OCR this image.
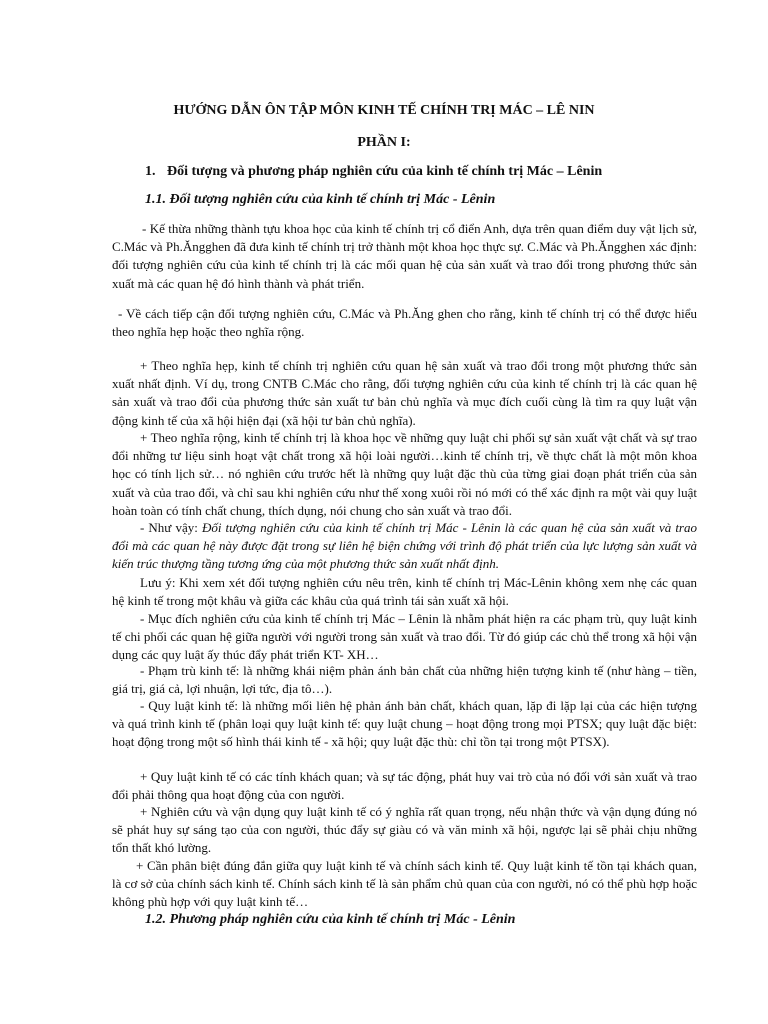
HƯỚNG DẪN ÔN TẬP MÔN KINH TẾ CHÍNH TRỊ MÁC – LÊ NIN
PHẦN I:
1. Đối tượng và phương pháp nghiên cứu của kinh tế chính trị Mác – Lênin
1.1. Đối tượng nghiên cứu của kinh tế chính trị Mác - Lênin
- Kế thừa những thành tựu khoa học của kinh tế chính trị cổ điển Anh, dựa trên quan điểm duy vật lịch sử, C.Mác và Ph.Ăngghen đã đưa kinh tế chính trị trở thành một khoa học thực sự. C.Mác và Ph.Ăngghen xác định: đối tượng nghiên cứu của kinh tế chính trị là các mối quan hệ của sản xuất và trao đổi trong phương thức sản xuất mà các quan hệ đó hình thành và phát triển.
- Về cách tiếp cận đối tượng nghiên cứu, C.Mác và Ph.Ăng ghen cho rằng, kinh tế chính trị có thể được hiểu theo nghĩa hẹp hoặc theo nghĩa rộng.
+ Theo nghĩa hẹp, kinh tế chính trị nghiên cứu quan hệ sản xuất và trao đổi trong một phương thức sản xuất nhất định. Ví dụ, trong CNTB C.Mác cho rằng, đối tượng nghiên cứu của kinh tế chính trị là các quan hệ sản xuất và trao đổi của phương thức sản xuất tư bản chủ nghĩa và mục đích cuối cùng là tìm ra quy luật vận động kinh tế của xã hội hiện đại (xã hội tư bản chủ nghĩa).
+ Theo nghĩa rộng, kinh tế chính trị là khoa học về những quy luật chi phối sự sản xuất vật chất và sự trao đổi những tư liệu sinh hoạt vật chất trong xã hội loài người…kinh tế chính trị, về thực chất là một môn khoa học có tính lịch sử… nó nghiên cứu trước hết là những quy luật đặc thù của từng giai đoạn phát triển của sản xuất và của trao đổi, và chỉ sau khi nghiên cứu như thế xong xuôi rồi nó mới có thể xác định ra một vài quy luật hoàn toàn có tính chất chung, thích dụng, nói chung cho sản xuất và trao đổi.
- Như vậy: Đối tượng nghiên cứu của kinh tế chính trị Mác - Lênin là các quan hệ của sản xuất và trao đổi mà các quan hệ này được đặt trong sự liên hệ biện chứng với trình độ phát triển của lực lượng sản xuất và kiến trúc thượng tầng tương ứng của một phương thức sản xuất nhất định.
Lưu ý: Khi xem xét đối tượng nghiên cứu nêu trên, kinh tế chính trị Mác-Lênin không xem nhẹ các quan hệ kinh tế trong một khâu và giữa các khâu của quá trình tái sản xuất xã hội.
- Mục đích nghiên cứu của kinh tế chính trị Mác – Lênin là nhằm phát hiện ra các phạm trù, quy luật kinh tế chi phối các quan hệ giữa người với người trong sản xuất và trao đổi. Từ đó giúp các chủ thể trong xã hội vận dụng các quy luật ấy thúc đẩy phát triển KT- XH…
- Phạm trù kinh tế: là những khái niệm phản ánh bản chất của những hiện tượng kinh tế (như hàng – tiền, giá trị, giá cả, lợi nhuận, lợi tức, địa tô…).
- Quy luật kinh tế: là những mối liên hệ phản ánh bản chất, khách quan, lặp đi lặp lại của các hiện tượng và quá trình kinh tế (phân loại quy luật kinh tế: quy luật chung – hoạt động trong mọi PTSX; quy luật đặc biệt: hoạt động trong một số hình thái kinh tế - xã hội; quy luật đặc thù: chỉ tồn tại trong một PTSX).
+ Quy luật kinh tế có các tính khách quan; và sự tác động, phát huy vai trò của nó đối với sản xuất và trao đổi phải thông qua hoạt động của con người.
+ Nghiên cứu và vận dụng quy luật kinh tế có ý nghĩa rất quan trọng, nếu nhận thức và vận dụng đúng nó sẽ phát huy sự sáng tạo của con người, thúc đẩy sự giàu có và văn minh xã hội, ngược lại sẽ phải chịu những tổn thất khó lường.
+ Cần phân biệt đúng đắn giữa quy luật kinh tế và chính sách kinh tế. Quy luật kinh tế tồn tại khách quan, là cơ sở của chính sách kinh tế. Chính sách kinh tế là sản phẩm chủ quan của con người, nó có thể phù hợp hoặc không phù hợp với quy luật kinh tế…
1.2. Phương pháp nghiên cứu của kinh tế chính trị Mác - Lênin
